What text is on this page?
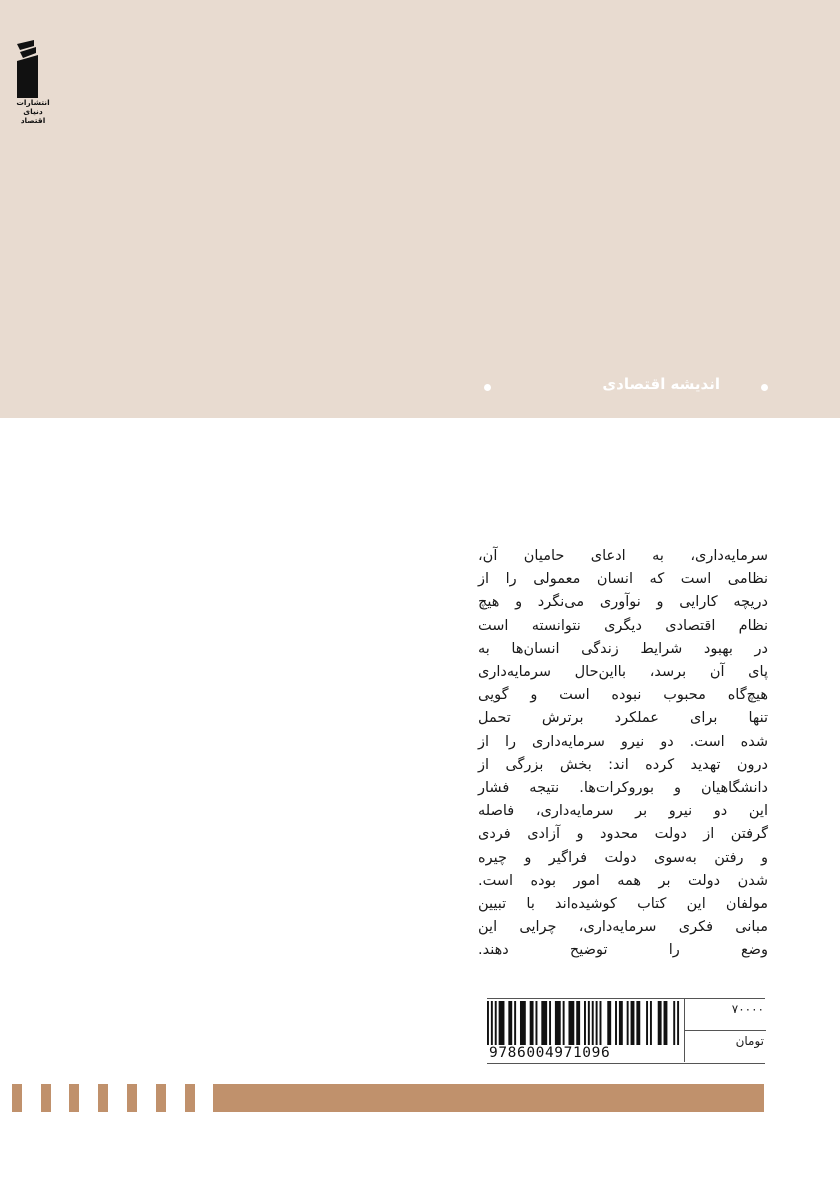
انتشارات
دنیای اقتصاد
اندیشه اقتصادی
سرمایه‌داری، به ادعای حامیان آن،
نظامی است که انسان معمولی را از
دریچه کارایی و نوآوری می‌نگرد و هیچ
نظام اقتصادی دیگری نتوانسته است
در بهبود شرایط زندگی انسان‌ها به
پای آن برسد، بااین‌حال سرمایه‌داری
هیچ‌گاه محبوب نبوده است و گویی
تنها برای عملکرد برترش تحمل
شده است. دو نیرو سرمایه‌داری را از
درون تهدید کرده اند: بخش بزرگی از
دانشگاهیان و بوروکرات‌ها. نتیجه فشار
این دو نیرو بر سرمایه‌داری، فاصله
گرفتن از دولت محدود و آزادی فردی
و رفتن به‌سوی دولت فراگیر و چیره
شدن دولت بر همه امور بوده است.
مولفان این کتاب کوشیده‌اند با تبیین
مبانی فکری سرمایه‌داری، چرایی این
وضع را توضیح دهند.
9786004971096
۷۰۰۰۰
تومان
